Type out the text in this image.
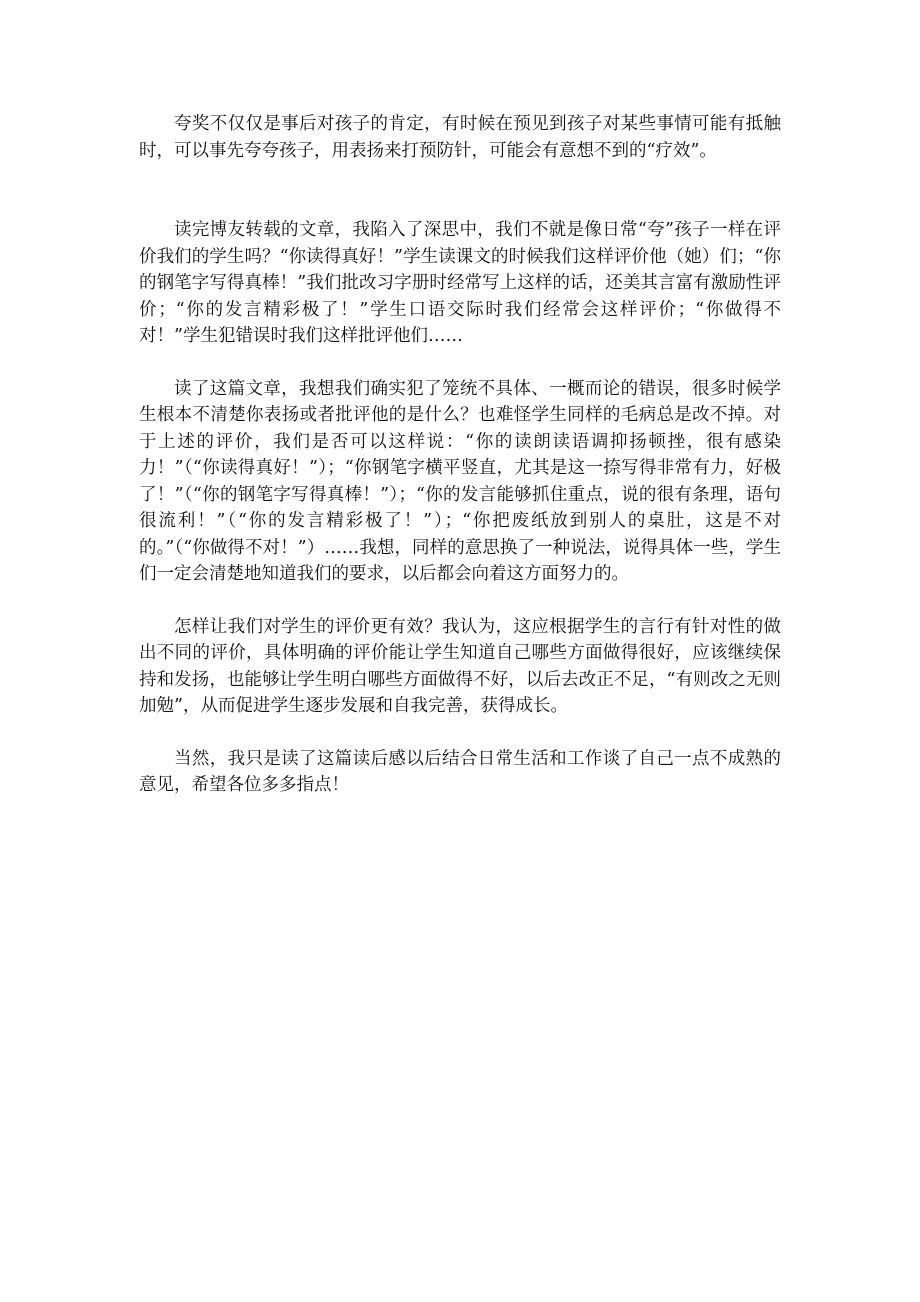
夸奖不仅仅是事后对孩子的肯定，有时候在预见到孩子对某些事情可能有抵触时，可以事先夸夸孩子，用表扬来打预防针，可能会有意想不到的“疗效”。

读完博友转载的文章，我陷入了深思中，我们不就是像日常“夸”孩子一样在评价我们的学生吗？“你读得真好！”学生读课文的时候我们这样评价他（她）们；“你的钢笔字写得真棒！”我们批改习字册时经常写上这样的话，还美其言富有激励性评价；“你的发言精彩极了！”学生口语交际时我们经常会这样评价；“你做得不对！”学生犯错误时我们这样批评他们……

读了这篇文章，我想我们确实犯了笼统不具体、一概而论的错误，很多时候学生根本不清楚你表扬或者批评他的是什么？也难怪学生同样的毛病总是改不掉。对于上述的评价，我们是否可以这样说：“你的读朗读语调抑扬顿挫，很有感染力！”（“你读得真好！”）；“你钢笔字横平竖直，尤其是这一捺写得非常有力，好极了！”（“你的钢笔字写得真棒！”）；“你的发言能够抓住重点，说的很有条理，语句很流利！”（“你的发言精彩极了！”）；“你把废纸放到别人的桌肚，这是不对的。”（“你做得不对！”）……我想，同样的意思换了一种说法，说得具体一些，学生们一定会清楚地知道我们的要求，以后都会向着这方面努力的。

怎样让我们对学生的评价更有效？我认为，这应根据学生的言行有针对性的做出不同的评价，具体明确的评价能让学生知道自己哪些方面做得很好，应该继续保持和发扬，也能够让学生明白哪些方面做得不好，以后去改正不足，“有则改之无则加勉”，从而促进学生逐步发展和自我完善，获得成长。

当然，我只是读了这篇读后感以后结合日常生活和工作谈了自己一点不成熟的意见，希望各位多多指点！
